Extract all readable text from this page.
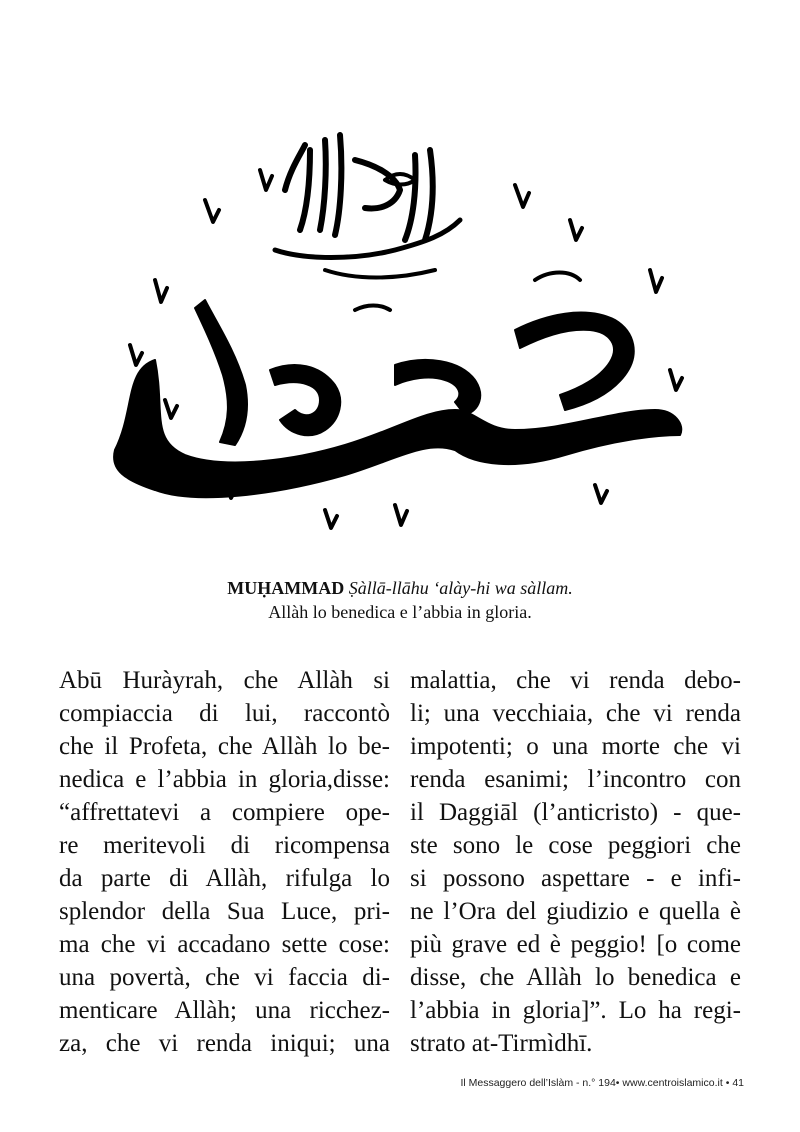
MUḤAMMAD Ṣàllā-llāhu ‘alày-hi wa sàllam.
Allàh lo benedica e l’abbia in gloria.
Abū Huràyrah, che Allàh si
compiaccia di lui, raccontò
che il Profeta, che Allàh lo be-
nedica e l’abbia in gloria,disse:
“affrettatevi a compiere ope-
re meritevoli di ricompensa
da parte di Allàh, rifulga lo
splendor della Sua Luce, pri-
ma che vi accadano sette cose:
una povertà, che vi faccia di-
menticare Allàh; una ricchez-
za, che vi renda iniqui; una
malattia, che vi renda debo-
li; una vecchiaia, che vi renda
impotenti; o una morte che vi
renda esanimi; l’incontro con
il Daggiāl (l’anticristo) - que-
ste sono le cose peggiori che
si possono aspettare - e infi-
ne l’Ora del giudizio e quella è
più grave ed è peggio! [o come
disse, che Allàh lo benedica e
l’abbia in gloria]”. Lo ha regi-
strato at-Tirmìdhī.
Il Messaggero dell’Islàm - n.° 194• www.centroislamico.it • 41
